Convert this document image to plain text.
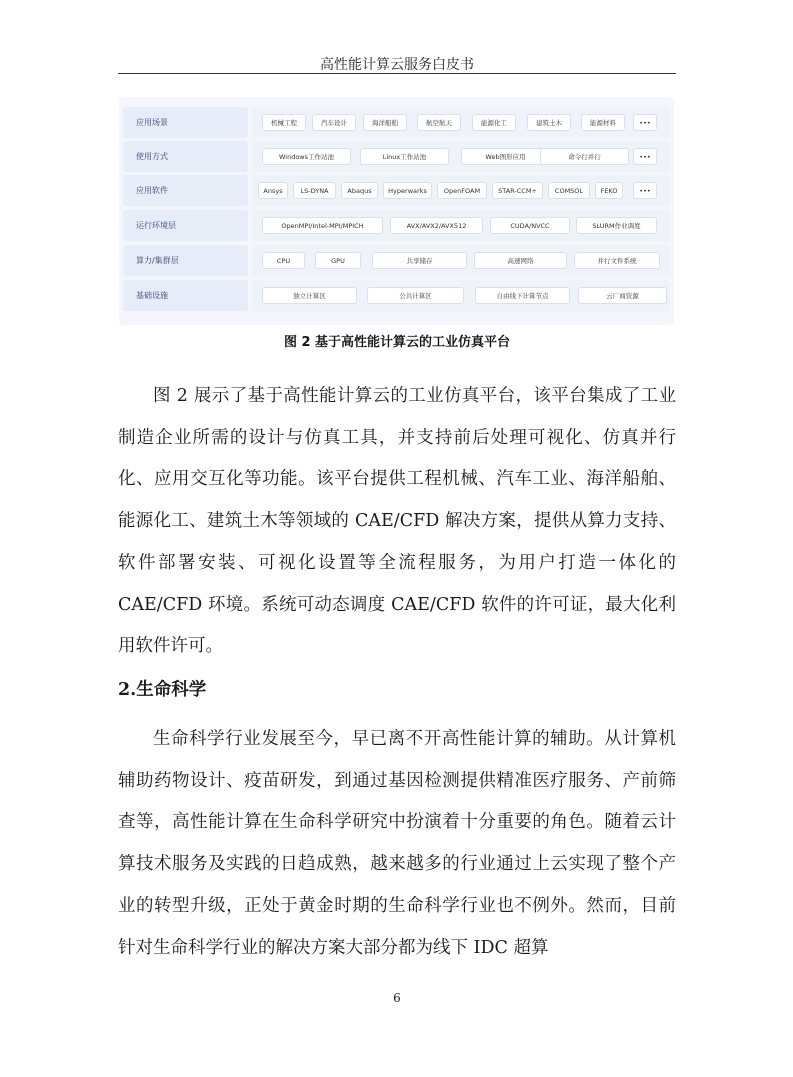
高性能计算云服务白皮书
应用场景	机械工程	汽车设计	海洋船舶	航空航天	能源化工	建筑土木	能源材料	•••
使用方式	Windows工作站池	Linux工作站池	Web图形应用	命令行并行	•••
应用软件	Ansys	LS-DYNA	Abaqus	Hyperwarks	OpenFOAM	STAR-CCM+	COMSOL	FEKO	•••
运行环境层	OpenMPI/Intel-MPI/MPICH	AVX/AVX2/AVX512	CUDA/NVCC	SLURM作业调度
算力/集群层	CPU	GPU	共享储存	高速网络	并行文件系统
基础设施	独立计算区	公共计算区	自由线下计算节点	云厂商资源
图 2 基于高性能计算云的工业仿真平台

图 2 展示了基于高性能计算云的工业仿真平台，该平台集成了工业制造企业所需的设计与仿真工具，并支持前后处理可视化、仿真并行化、应用交互化等功能。该平台提供工程机械、汽车工业、海洋船舶、能源化工、建筑土木等领域的 CAE/CFD 解决方案，提供从算力支持、软件部署安装、可视化设置等全流程服务，为用户打造一体化的 CAE/CFD 环境。系统可动态调度 CAE/CFD 软件的许可证，最大化利用软件许可。

2.生命科学

生命科学行业发展至今，早已离不开高性能计算的辅助。从计算机辅助药物设计、疫苗研发，到通过基因检测提供精准医疗服务、产前筛查等，高性能计算在生命科学研究中扮演着十分重要的角色。随着云计算技术服务及实践的日趋成熟，越来越多的行业通过上云实现了整个产业的转型升级，正处于黄金时期的生命科学行业也不例外。然而，目前针对生命科学行业的解决方案大部分都为线下 IDC 超算

6
